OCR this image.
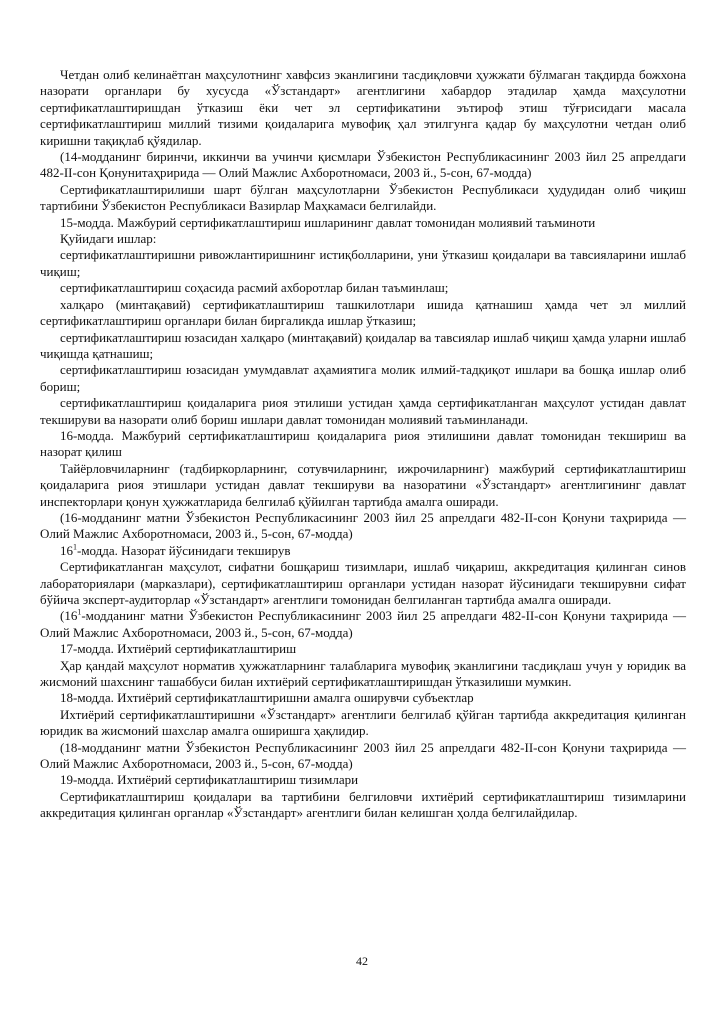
Четдан олиб келинаётган маҳсулотнинг хавфсиз эканлигини тасдиқловчи ҳужжати бўлмаган тақдирда божхона назорати органлари бу хусусда «Ўзстандарт» агентлигини хабардор этадилар ҳамда маҳсулотни сертификатлаштиришдан ўтказиш ёки чет эл сертификатини эътироф этиш тўғрисидаги масала сертификатлаштириш миллий тизими қоидаларига мувофиқ ҳал этилгунга қадар бу маҳсулотни четдан олиб киришни тақиқлаб қўядилар.

(14-модданинг биринчи, иккинчи ва учинчи қисмлари Ўзбекистон Республикасининг 2003 йил 25 апрелдаги 482-II-сон Қонунитаҳририда — Олий Мажлис Ахборотномаси, 2003 й., 5-сон, 67-модда)

Сертификатлаштирилиши шарт бўлган маҳсулотларни Ўзбекистон Республикаси ҳудудидан олиб чиқиш тартибини Ўзбекистон Республикаси Вазирлар Маҳкамаси белгилайди.

15-модда. Мажбурий сертификатлаштириш ишларининг давлат томонидан молиявий таъминоти

Қуйидаги ишлар:

сертификатлаштиришни ривожлантиришнинг истиқболларини, уни ўтказиш қоидалари ва тавсияларини ишлаб чиқиш;

сертификатлаштириш соҳасида расмий ахборотлар билан таъминлаш;

халқаро (минтақавий) сертификатлаштириш ташкилотлари ишида қатнашиш ҳамда чет эл миллий сертификатлаштириш органлари билан биргаликда ишлар ўтказиш;

сертификатлаштириш юзасидан халқаро (минтақавий) қоидалар ва тавсиялар ишлаб чиқиш ҳамда уларни ишлаб чиқишда қатнашиш;

сертификатлаштириш юзасидан умумдавлат аҳамиятига молик илмий-тадқиқот ишлари ва бошқа ишлар олиб бориш;

сертификатлаштириш қоидаларига риоя этилиши устидан ҳамда сертификатланган маҳсулот устидан давлат текшируви ва назорати олиб бориш ишлари давлат томонидан молиявий таъминланади.

16-модда. Мажбурий сертификатлаштириш қоидаларига риоя этилишини давлат томонидан текшириш ва назорат қилиш

Тайёрловчиларнинг (тадбиркорларнинг, сотувчиларнинг, ижрочиларнинг) мажбурий сертификатлаштириш қоидаларига риоя этишлари устидан давлат текшируви ва назоратини «Ўзстандарт» агентлигининг давлат инспекторлари қонун ҳужжатларида белгилаб қўйилган тартибда амалга оширади.

(16-модданинг матни Ўзбекистон Республикасининг 2003 йил 25 апрелдаги 482-II-сон Қонуни таҳририда — Олий Мажлис Ахборотномаси, 2003 й., 5-сон, 67-модда)

$16^1$-модда. Назорат йўсинидаги текширув

Сертификатланган маҳсулот, сифатни бошқариш тизимлари, ишлаб чиқариш, аккредитация қилинган синов лабораториялари (марказлари), сертификатлаштириш органлари устидан назорат йўсинидаги текширувни сифат бўйича эксперт-аудиторлар «Ўзстандарт» агентлиги томонидан белгиланган тартибда амалга оширади.

($16^1$-модданинг матни Ўзбекистон Республикасининг 2003 йил 25 апрелдаги 482-II-сон Қонуни таҳририда — Олий Мажлис Ахборотномаси, 2003 й., 5-сон, 67-модда)

17-модда. Ихтиёрий сертификатлаштириш

Ҳар қандай маҳсулот норматив ҳужжатларнинг талабларига мувофиқ эканлигини тасдиқлаш учун у юридик ва жисмоний шахснинг ташаббуси билан ихтиёрий сертификатлаштиришдан ўтказилиши мумкин.

18-модда. Ихтиёрий сертификатлаштиришни амалга оширувчи субъектлар

Ихтиёрий сертификатлаштиришни «Ўзстандарт» агентлиги белгилаб қўйган тартибда аккредитация қилинган юридик ва жисмоний шахслар амалга оширишга ҳақлидир.

(18-модданинг матни Ўзбекистон Республикасининг 2003 йил 25 апрелдаги 482-II-сон Қонуни таҳририда — Олий Мажлис Ахборотномаси, 2003 й., 5-сон, 67-модда)

19-модда. Ихтиёрий сертификатлаштириш тизимлари

Сертификатлаштириш қоидалари ва тартибини белгиловчи ихтиёрий сертификатлаштириш тизимларини аккредитация қилинган органлар «Ўзстандарт» агентлиги билан келишган ҳолда белгилайдилар.

42
